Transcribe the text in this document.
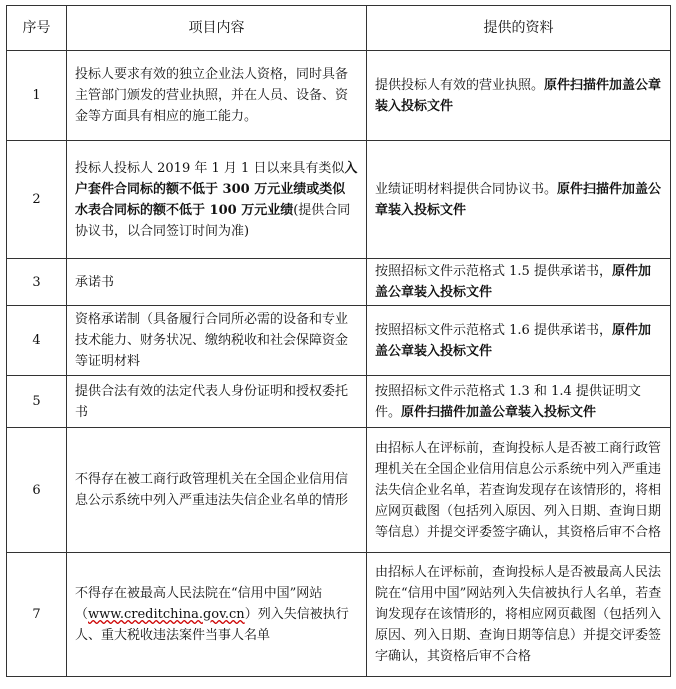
序号	项目内容	提供的资料
1	投标人要求有效的独立企业法人资格，同时具备主管部门颁发的营业执照，并在人员、设备、资金等方面具有相应的施工能力。	提供投标人有效的营业执照。原件扫描件加盖公章装入投标文件
2	投标人投标人 2019 年 1 月 1 日以来具有类似入户套件合同标的额不低于 300 万元业绩或类似水表合同标的额不低于 100 万元业绩(提供合同协议书，以合同签订时间为准)	业绩证明材料提供合同协议书。原件扫描件加盖公章装入投标文件
3	承诺书	按照招标文件示范格式 1.5 提供承诺书，原件加盖公章装入投标文件
4	资格承诺制（具备履行合同所必需的设备和专业技术能力、财务状况、缴纳税收和社会保障资金等证明材料	按照招标文件示范格式 1.6 提供承诺书，原件加盖公章装入投标文件
5	提供合法有效的法定代表人身份证明和授权委托书	按照招标文件示范格式 1.3 和 1.4 提供证明文件。原件扫描件加盖公章装入投标文件
6	不得存在被工商行政管理机关在全国企业信用信息公示系统中列入严重违法失信企业名单的情形	由招标人在评标前，查询投标人是否被工商行政管理机关在全国企业信用信息公示系统中列入严重违法失信企业名单，若查询发现存在该情形的，将相应网页截图（包括列入原因、列入日期、查询日期等信息）并提交评委签字确认，其资格后审不合格
7	不得存在被最高人民法院在“信用中国”网站（www.creditchina.gov.cn）列入失信被执行人、重大税收违法案件当事人名单	由招标人在评标前，查询投标人是否被最高人民法院在“信用中国”网站列入失信被执行人名单，若查询发现存在该情形的，将相应网页截图（包括列入原因、列入日期、查询日期等信息）并提交评委签字确认，其资格后审不合格
